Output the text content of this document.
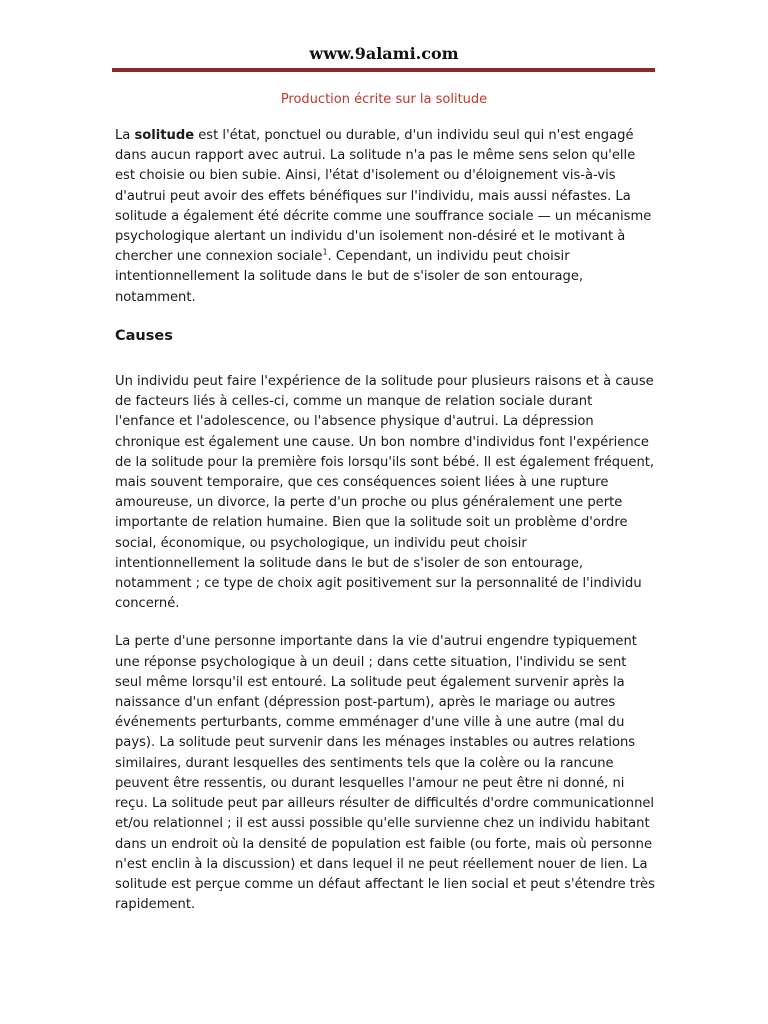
www.9alami.com
Production écrite sur la solitude

La solitude est l'état, ponctuel ou durable, d'un individu seul qui n'est engagé dans aucun rapport avec autrui. La solitude n'a pas le même sens selon qu'elle est choisie ou bien subie. Ainsi, l'état d'isolement ou d'éloignement vis-à-vis d'autrui peut avoir des effets bénéfiques sur l'individu, mais aussi néfastes. La solitude a également été décrite comme une souffrance sociale — un mécanisme psychologique alertant un individu d'un isolement non-désiré et le motivant à chercher une connexion sociale$^1$. Cependant, un individu peut choisir intentionnellement la solitude dans le but de s'isoler de son entourage, notamment.

Causes

Un individu peut faire l'expérience de la solitude pour plusieurs raisons et à cause de facteurs liés à celles-ci, comme un manque de relation sociale durant l'enfance et l'adolescence, ou l'absence physique d'autrui. La dépression chronique est également une cause. Un bon nombre d'individus font l'expérience de la solitude pour la première fois lorsqu'ils sont bébé. Il est également fréquent, mais souvent temporaire, que ces conséquences soient liées à une rupture amoureuse, un divorce, la perte d'un proche ou plus généralement une perte importante de relation humaine. Bien que la solitude soit un problème d'ordre social, économique, ou psychologique, un individu peut choisir intentionnellement la solitude dans le but de s'isoler de son entourage, notamment ; ce type de choix agit positivement sur la personnalité de l'individu concerné.

La perte d'une personne importante dans la vie d'autrui engendre typiquement une réponse psychologique à un deuil ; dans cette situation, l'individu se sent seul même lorsqu'il est entouré. La solitude peut également survenir après la naissance d'un enfant (dépression post-partum), après le mariage ou autres événements perturbants, comme emménager d'une ville à une autre (mal du pays). La solitude peut survenir dans les ménages instables ou autres relations similaires, durant lesquelles des sentiments tels que la colère ou la rancune peuvent être ressentis, ou durant lesquelles l'amour ne peut être ni donné, ni reçu. La solitude peut par ailleurs résulter de difficultés d'ordre communicationnel et/ou relationnel ; il est aussi possible qu'elle survienne chez un individu habitant dans un endroit où la densité de population est faible (ou forte, mais où personne n'est enclin à la discussion) et dans lequel il ne peut réellement nouer de lien. La solitude est perçue comme un défaut affectant le lien social et peut s'étendre très rapidement.
